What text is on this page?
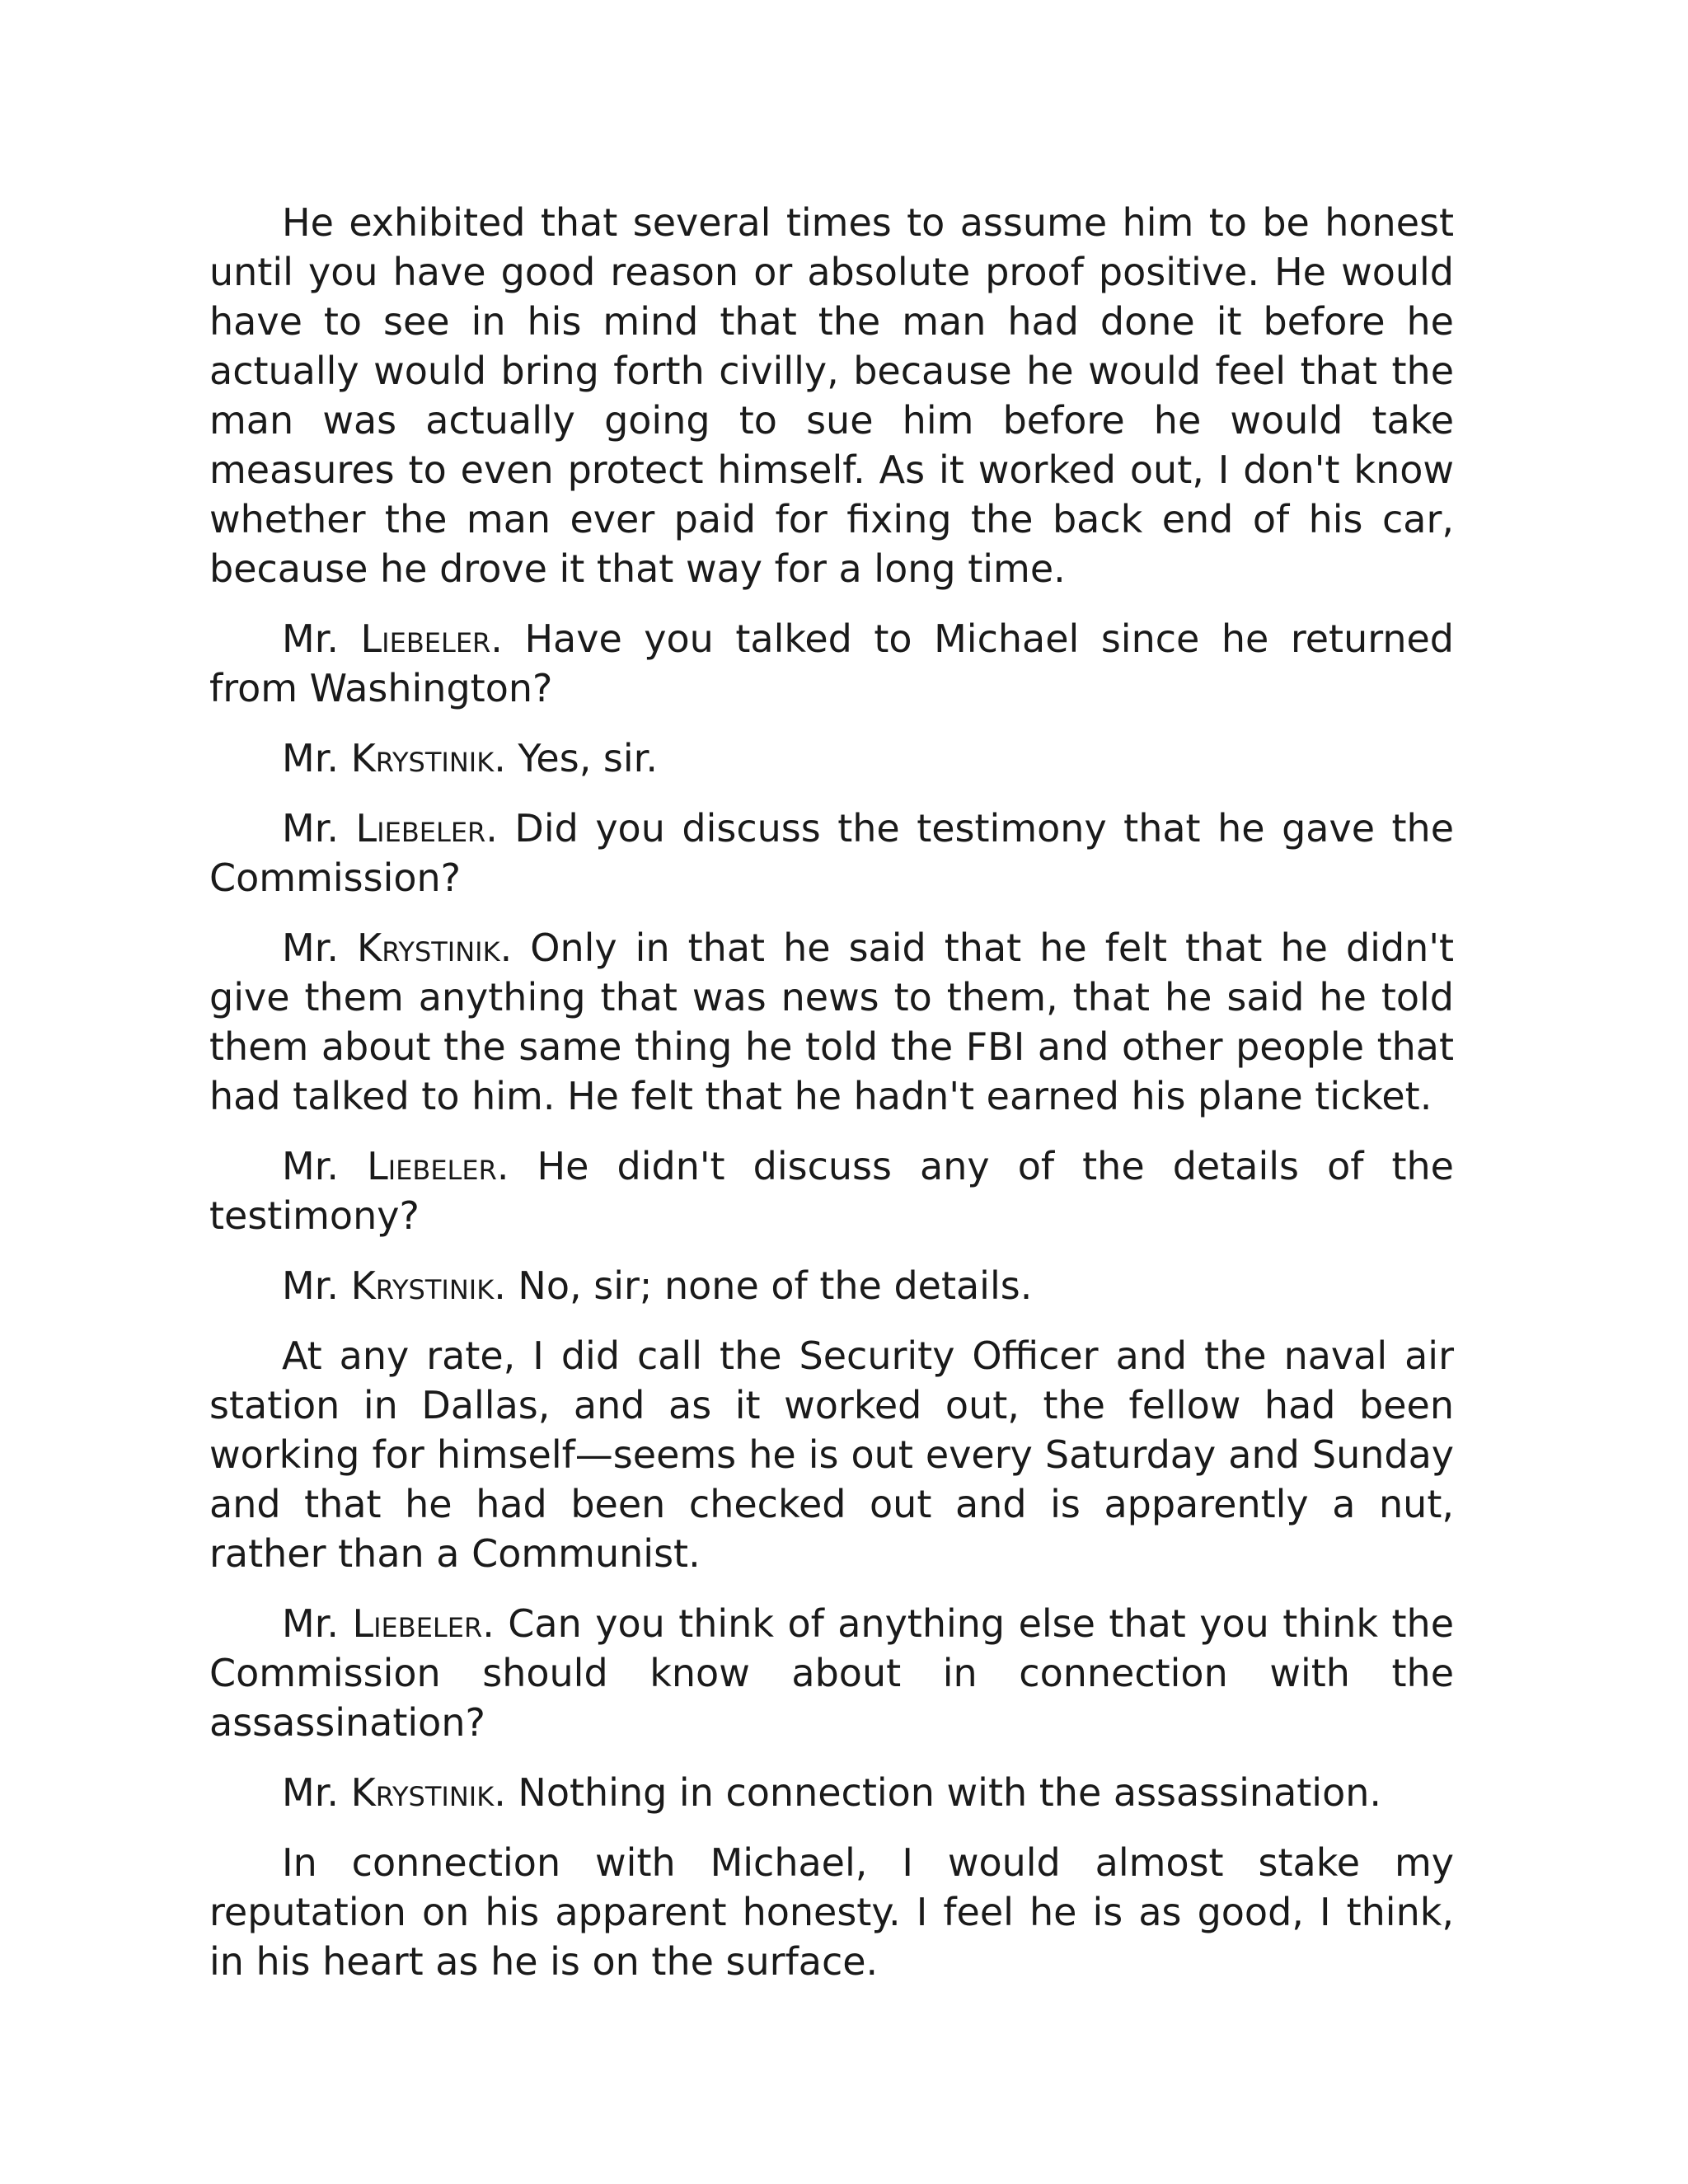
He exhibited that several times to assume him to be honest until you have good reason or absolute proof positive. He would have to see in his mind that the man had done it before he actually would bring forth civilly, because he would feel that the man was actually going to sue him before he would take measures to even protect himself. As it worked out, I don't know whether the man ever paid for fixing the back end of his car, because he drove it that way for a long time.

Mr. Liebeler. Have you talked to Michael since he returned from Washington?

Mr. Krystinik. Yes, sir.

Mr. Liebeler. Did you discuss the testimony that he gave the Commission?

Mr. Krystinik. Only in that he said that he felt that he didn't give them anything that was news to them, that he said he told them about the same thing he told the FBI and other people that had talked to him. He felt that he hadn't earned his plane ticket.

Mr. Liebeler. He didn't discuss any of the details of the testimony?

Mr. Krystinik. No, sir; none of the details.

At any rate, I did call the Security Officer and the naval air station in Dallas, and as it worked out, the fellow had been working for himself—seems he is out every Saturday and Sunday and that he had been checked out and is apparently a nut, rather than a Communist.

Mr. Liebeler. Can you think of anything else that you think the Commission should know about in connection with the assassination?

Mr. Krystinik. Nothing in connection with the assassination.

In connection with Michael, I would almost stake my reputation on his apparent honesty. I feel he is as good, I think, in his heart as he is on the surface.
